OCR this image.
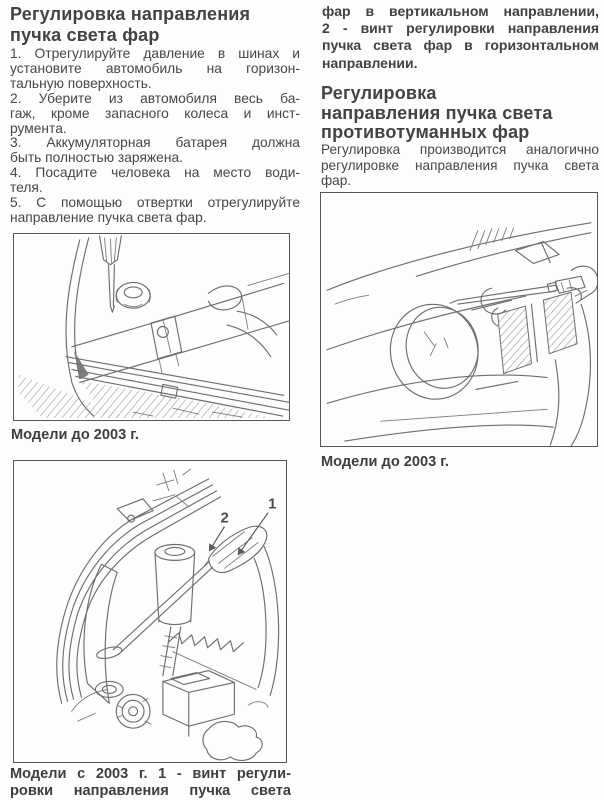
Регулировка направления
пучка света фар
1. Отрегулируйте давление в шинах и
установите автомобиль на горизон-
тальную поверхность.
2. Уберите из автомобиля весь ба-
гаж, кроме запасного колеса и инст-
румента.
3. Аккумуляторная батарея должна
быть полностью заряжена.
4. Посадите человека на место води-
теля.
5. С помощью отвертки отрегулируйте
направление пучка света фар.
Модели до 2003 г.
1
2
Модели с 2003 г. 1 - винт регули-
ровки направления пучка света
фар в вертикальном направлении,
2 - винт регулировки направления
пучка света фар в горизонтальном
направлении.
Регулировка
направления пучка света
противотуманных фар
Регулировка производится аналогично
регулировке направления пучка света
фар.
Модели до 2003 г.
